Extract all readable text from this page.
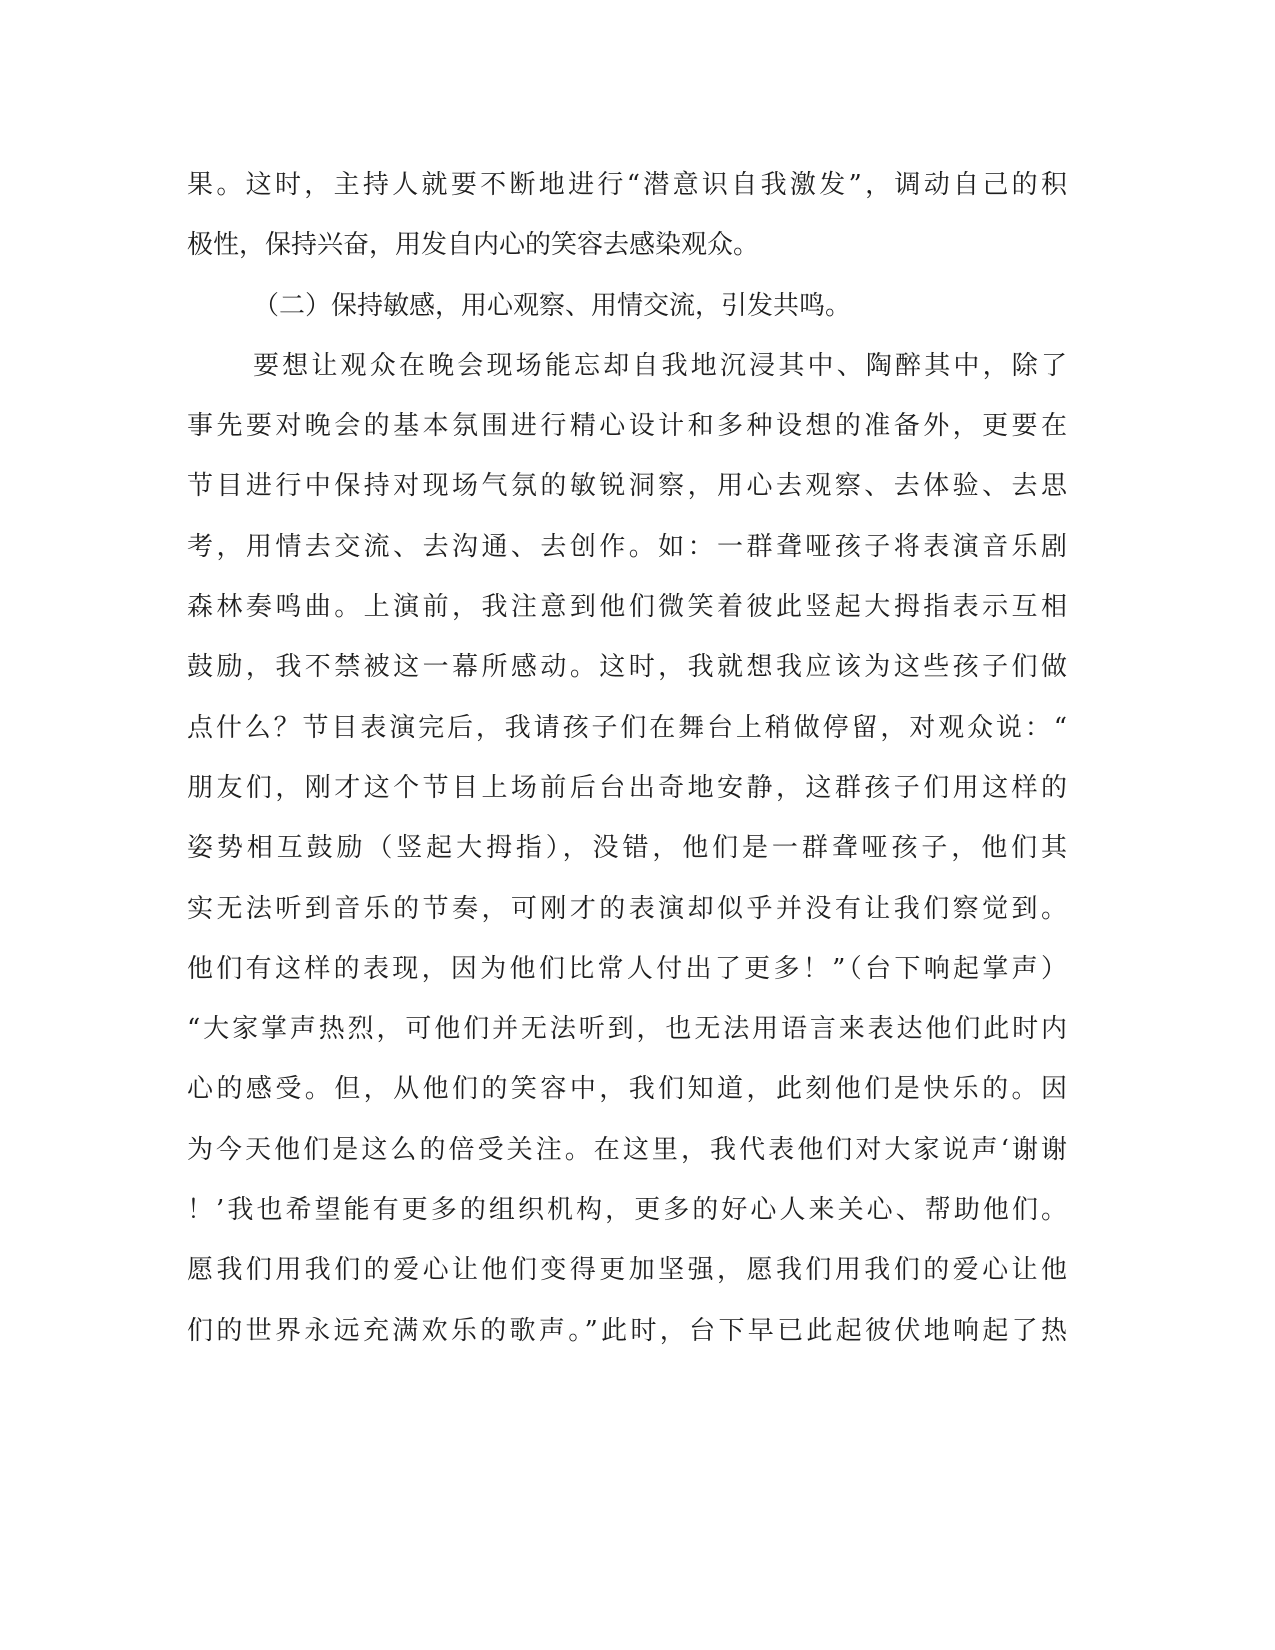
果。这时，主持人就要不断地进行“潜意识自我激发”，调动自己的积
极性，保持兴奋，用发自内心的笑容去感染观众。
（二）保持敏感，用心观察、用情交流，引发共鸣。
要想让观众在晚会现场能忘却自我地沉浸其中、陶醉其中，除了
事先要对晚会的基本氛围进行精心设计和多种设想的准备外，更要在
节目进行中保持对现场气氛的敏锐洞察，用心去观察、去体验、去思
考，用情去交流、去沟通、去创作。如：一群聋哑孩子将表演音乐剧
森林奏鸣曲。上演前，我注意到他们微笑着彼此竖起大拇指表示互相
鼓励，我不禁被这一幕所感动。这时，我就想我应该为这些孩子们做
点什么？节目表演完后，我请孩子们在舞台上稍做停留，对观众说：“
朋友们，刚才这个节目上场前后台出奇地安静，这群孩子们用这样的
姿势相互鼓励（竖起大拇指），没错，他们是一群聋哑孩子，他们其
实无法听到音乐的节奏，可刚才的表演却似乎并没有让我们察觉到。
他们有这样的表现，因为他们比常人付出了更多！”（台下响起掌声）
“大家掌声热烈，可他们并无法听到，也无法用语言来表达他们此时内
心的感受。但，从他们的笑容中，我们知道，此刻他们是快乐的。因
为今天他们是这么的倍受关注。在这里，我代表他们对大家说声‘谢谢
！’我也希望能有更多的组织机构，更多的好心人来关心、帮助他们。
愿我们用我们的爱心让他们变得更加坚强，愿我们用我们的爱心让他
们的世界永远充满欢乐的歌声。”此时，台下早已此起彼伏地响起了热
